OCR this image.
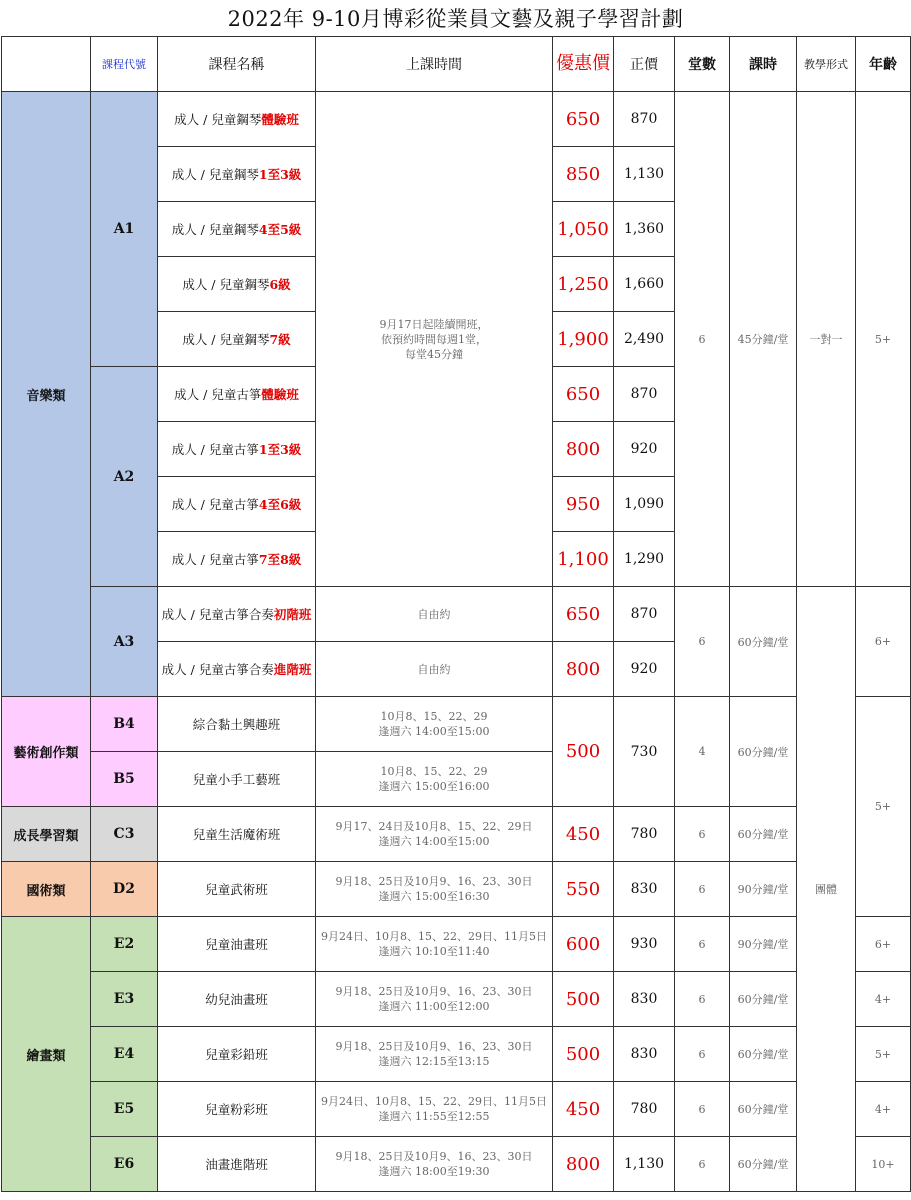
2022年 9-10月博彩從業員文藝及親子學習計劃
	課程代號	課程名稱	上課時間	優惠價	正價	堂數	課時	教學形式	年齡
音樂類	A1	成人 / 兒童鋼琴體驗班	9月17日起陸續開班，
依預約時間每週1堂，
每堂45分鐘	650	870	6	45分鐘/堂	一對一	5+
		成人 / 兒童鋼琴1至3級		850	1,130				
		成人 / 兒童鋼琴4至5級		1,050	1,360				
		成人 / 兒童鋼琴6級		1,250	1,660				
		成人 / 兒童鋼琴7級		1,900	2,490				
	A2	成人 / 兒童古箏體驗班		650	870				
		成人 / 兒童古箏1至3級		800	920				
		成人 / 兒童古箏4至6級		950	1,090				
		成人 / 兒童古箏7至8級		1,100	1,290				
	A3	成人 / 兒童古箏合奏初階班	自由約	650	870	6	60分鐘/堂	團體	6+
		成人 / 兒童古箏合奏進階班	自由約	800	920				
藝術創作類	B4	綜合黏土興趣班	10月8、15、22、29
逢週六 14:00至15:00	500	730	4	60分鐘/堂		5+
	B5	兒童小手工藝班	10月8、15、22、29
逢週六 15:00至16:00						

成長學習類	C3	兒童生活魔術班	9月17、24日及10月8、15、22、29日
逢週六 14:00至15:00	450	780	6	60分鐘/堂		
國術類	D2	兒童武術班	9月18、25日及10月9、16、23、30日
逢週六 15:00至16:30	550	830	6	90分鐘/堂		
繪畫類	E2	兒童油畫班	9月24日、10月8、15、22、29日、11月5日
逢週六 10:10至11:40	600	930	6	90分鐘/堂		6+
	E3	幼兒油畫班	9月18、25日及10月9、16、23、30日
逢週六 11:00至12:00	500	830	6	60分鐘/堂		4+
	E4	兒童彩鉛班	9月18、25日及10月9、16、23、30日
逢週六 12:15至13:15	500	830	6	60分鐘/堂		5+
	E5	兒童粉彩班	9月24日、10月8、15、22、29日、11月5日
逢週六 11:55至12:55	450	780	6	60分鐘/堂		4+
	E6	油畫進階班	9月18、25日及10月9、16、23、30日
逢週六 18:00至19:30	800	1,130	6	60分鐘/堂		10+
